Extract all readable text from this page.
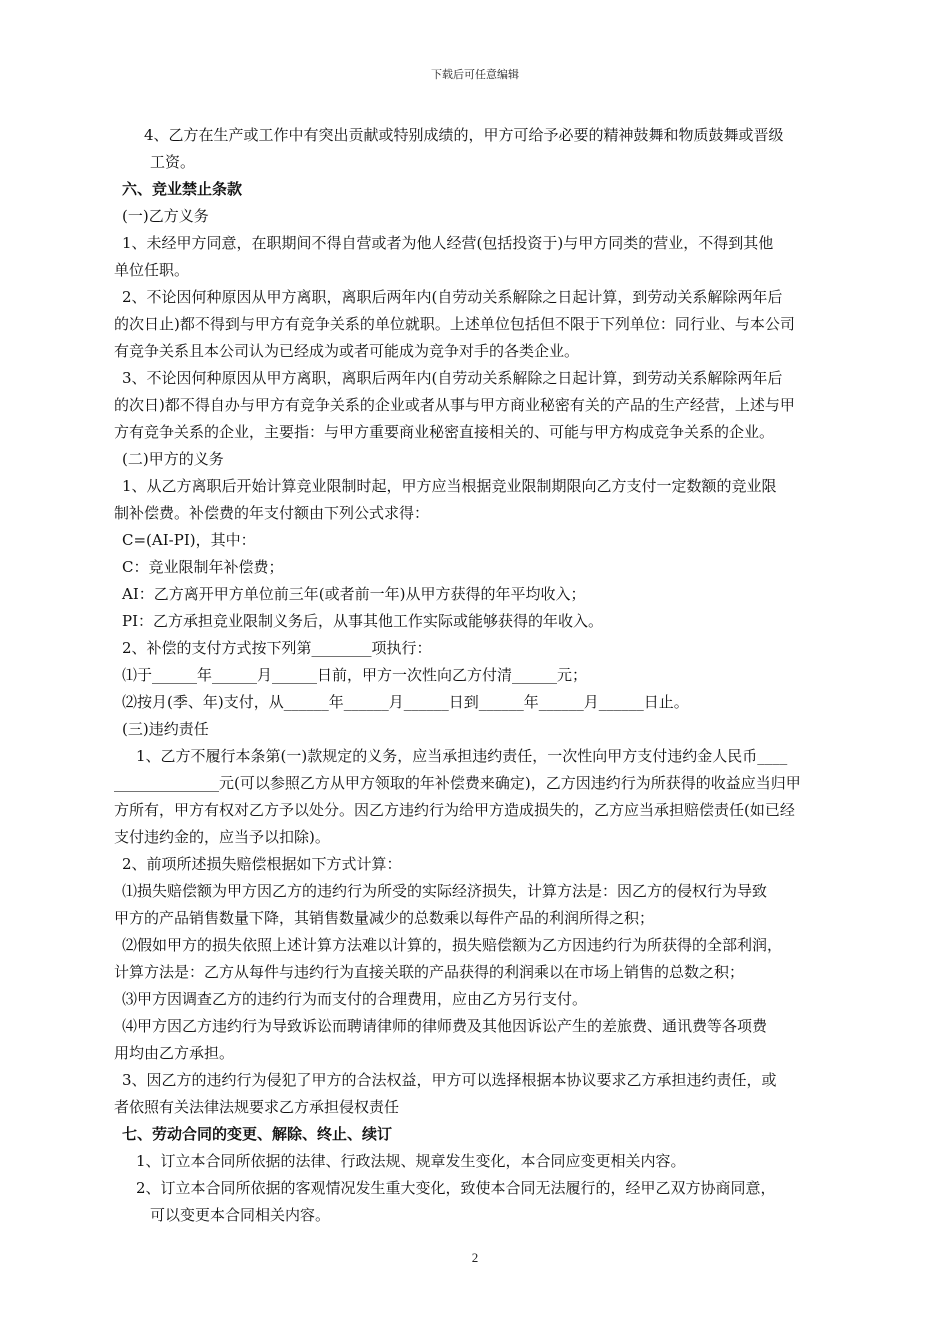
下载后可任意编辑
4、乙方在生产或工作中有突出贡献或特别成绩的，甲方可给予必要的精神鼓舞和物质鼓舞或晋级
工资。
六、竞业禁止条款
(一)乙方义务
1、未经甲方同意，在职期间不得自营或者为他人经营(包括投资于)与甲方同类的营业，不得到其他
单位任职。
2、不论因何种原因从甲方离职，离职后两年内(自劳动关系解除之日起计算，到劳动关系解除两年后
的次日止)都不得到与甲方有竞争关系的单位就职。上述单位包括但不限于下列单位：同行业、与本公司
有竞争关系且本公司认为已经成为或者可能成为竞争对手的各类企业。
3、不论因何种原因从甲方离职，离职后两年内(自劳动关系解除之日起计算，到劳动关系解除两年后
的次日)都不得自办与甲方有竞争关系的企业或者从事与甲方商业秘密有关的产品的生产经营，上述与甲
方有竞争关系的企业，主要指：与甲方重要商业秘密直接相关的、可能与甲方构成竞争关系的企业。
(二)甲方的义务
1、从乙方离职后开始计算竞业限制时起，甲方应当根据竞业限制期限向乙方支付一定数额的竞业限
制补偿费。补偿费的年支付额由下列公式求得：
C=(AI-PI)，其中：
C：竞业限制年补偿费；
AI：乙方离开甲方单位前三年(或者前一年)从甲方获得的年平均收入；
PI：乙方承担竞业限制义务后，从事其他工作实际或能够获得的年收入。
2、补偿的支付方式按下列第________项执行：
⑴于______年______月______日前，甲方一次性向乙方付清______元；
⑵按月(季、年)支付，从______年______月______日到______年______月______日止。
(三)违约责任
1、乙方不履行本条第(一)款规定的义务，应当承担违约责任，一次性向甲方支付违约金人民币____
______________元(可以参照乙方从甲方领取的年补偿费来确定)，乙方因违约行为所获得的收益应当归甲
方所有，甲方有权对乙方予以处分。因乙方违约行为给甲方造成损失的，乙方应当承担赔偿责任(如已经
支付违约金的，应当予以扣除)。
2、前项所述损失赔偿根据如下方式计算：
⑴损失赔偿额为甲方因乙方的违约行为所受的实际经济损失，计算方法是：因乙方的侵权行为导致
甲方的产品销售数量下降，其销售数量减少的总数乘以每件产品的利润所得之积；
⑵假如甲方的损失依照上述计算方法难以计算的，损失赔偿额为乙方因违约行为所获得的全部利润，
计算方法是：乙方从每件与违约行为直接关联的产品获得的利润乘以在市场上销售的总数之积；
⑶甲方因调查乙方的违约行为而支付的合理费用，应由乙方另行支付。
⑷甲方因乙方违约行为导致诉讼而聘请律师的律师费及其他因诉讼产生的差旅费、通讯费等各项费
用均由乙方承担。
3、因乙方的违约行为侵犯了甲方的合法权益，甲方可以选择根据本协议要求乙方承担违约责任，或
者依照有关法律法规要求乙方承担侵权责任
七、劳动合同的变更、解除、终止、续订
1、订立本合同所依据的法律、行政法规、规章发生变化，本合同应变更相关内容。
2、订立本合同所依据的客观情况发生重大变化，致使本合同无法履行的，经甲乙双方协商同意，
可以变更本合同相关内容。
2
